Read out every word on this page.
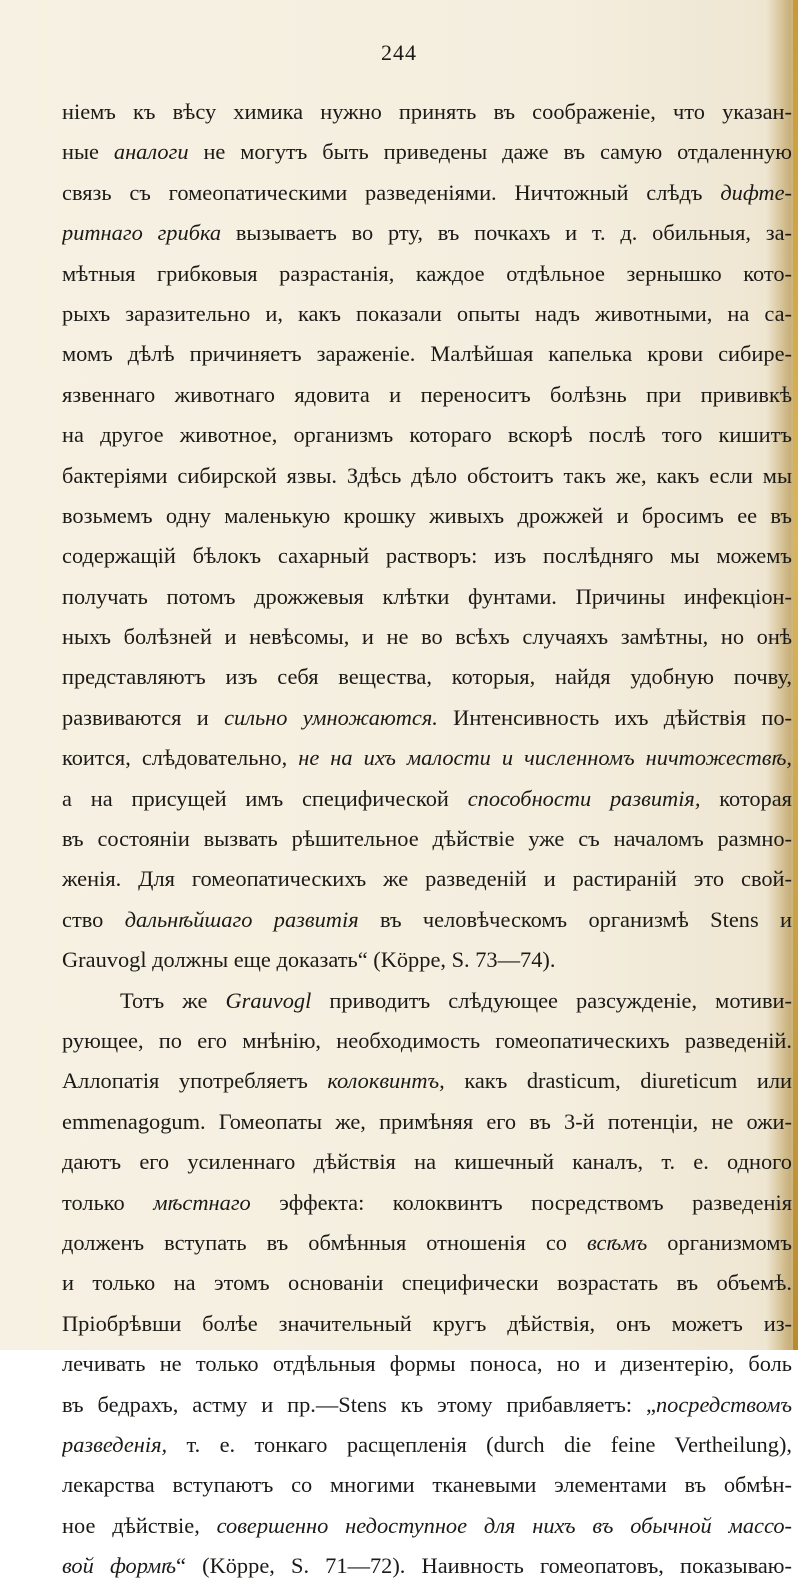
244
ніемъ къ вѣсу химика нужно принять въ соображеніе, что указан-
ные аналоги не могутъ быть приведены даже въ самую отдаленную
связь съ гомеопатическими разведеніями. Ничтожный слѣдъ дифте-
ритнаго грибка вызываетъ во рту, въ почкахъ и т. д. обильныя, за-
мѣтныя грибковыя разрастанія, каждое отдѣльное зернышко кото-
рыхъ заразительно и, какъ показали опыты надъ животными, на са-
момъ дѣлѣ причиняетъ зараженіе. Малѣйшая капелька крови сибирe-
язвеннаго животнаго ядовита и переноситъ болѣзнь при прививкѣ
на другое животное, организмъ котораго вскорѣ послѣ того кишитъ
бактеріями сибирской язвы. Здѣсь дѣло обстоитъ такъ же, какъ если мы
возьмемъ одну маленькую крошку живыхъ дрожжей и бросимъ ее въ
содержащій бѣлокъ сахарный растворъ: изъ послѣдняго мы можемъ
получать потомъ дрожжевыя клѣтки фунтами. Причины инфекціон-
ныхъ болѣзней и невѣсомы, и не во всѣхъ случаяхъ замѣтны, но онѣ
представляютъ изъ себя вещества, которыя, найдя удобную почву,
развиваются и сильно умножаются. Интенсивность ихъ дѣйствія по-
коится, слѣдовательно, не на ихъ малости и численномъ ничтожествѣ,
а на присущей имъ специфической способности развитія, которая
въ состояніи вызвать рѣшительное дѣйствіе уже съ началомъ размно-
женія. Для гомеопатическихъ же разведеній и растираній это свой-
ство дальнѣйшаго развитія въ человѣческомъ организмѣ Stens и
Grauvogl должны еще доказать“ (Köppe, S. 73—74).
Тотъ же Grauvogl приводитъ слѣдующее разсужденіе, мотиви-
рующее, по его мнѣнію, необходимость гомеопатическихъ разведеній.
Аллопатія употребляетъ колоквинтъ, какъ drasticum, diureticum или
emmenagogum. Гомеопаты же, примѣняя его въ 3-й потенціи, не ожи-
даютъ его усиленнаго дѣйствія на кишечный каналъ, т. е. одного
только мѣстнаго эффекта: колоквинтъ посредствомъ разведенія
долженъ вступать въ обмѣнныя отношенія со всѣмъ организмомъ
и только на этомъ основаніи специфически возрастать въ объемѣ.
Пріобрѣвши болѣе значительный кругъ дѣйствія, онъ можетъ из-
лечивать не только отдѣльныя формы поноса, но и дизентерію, боль
въ бедрахъ, астму и пр.—Stens къ этому прибавляетъ: „посредствомъ
разведенія, т. е. тонкаго расщепленія (durch die feine Vertheilung),
лекарства вступаютъ со многими тканевыми элементами въ обмѣн-
ное дѣйствіе, совершенно недоступное для нихъ въ обычной массо-
вой формѣ“ (Köppe, S. 71—72). Наивность гомеопатовъ, показываю-
